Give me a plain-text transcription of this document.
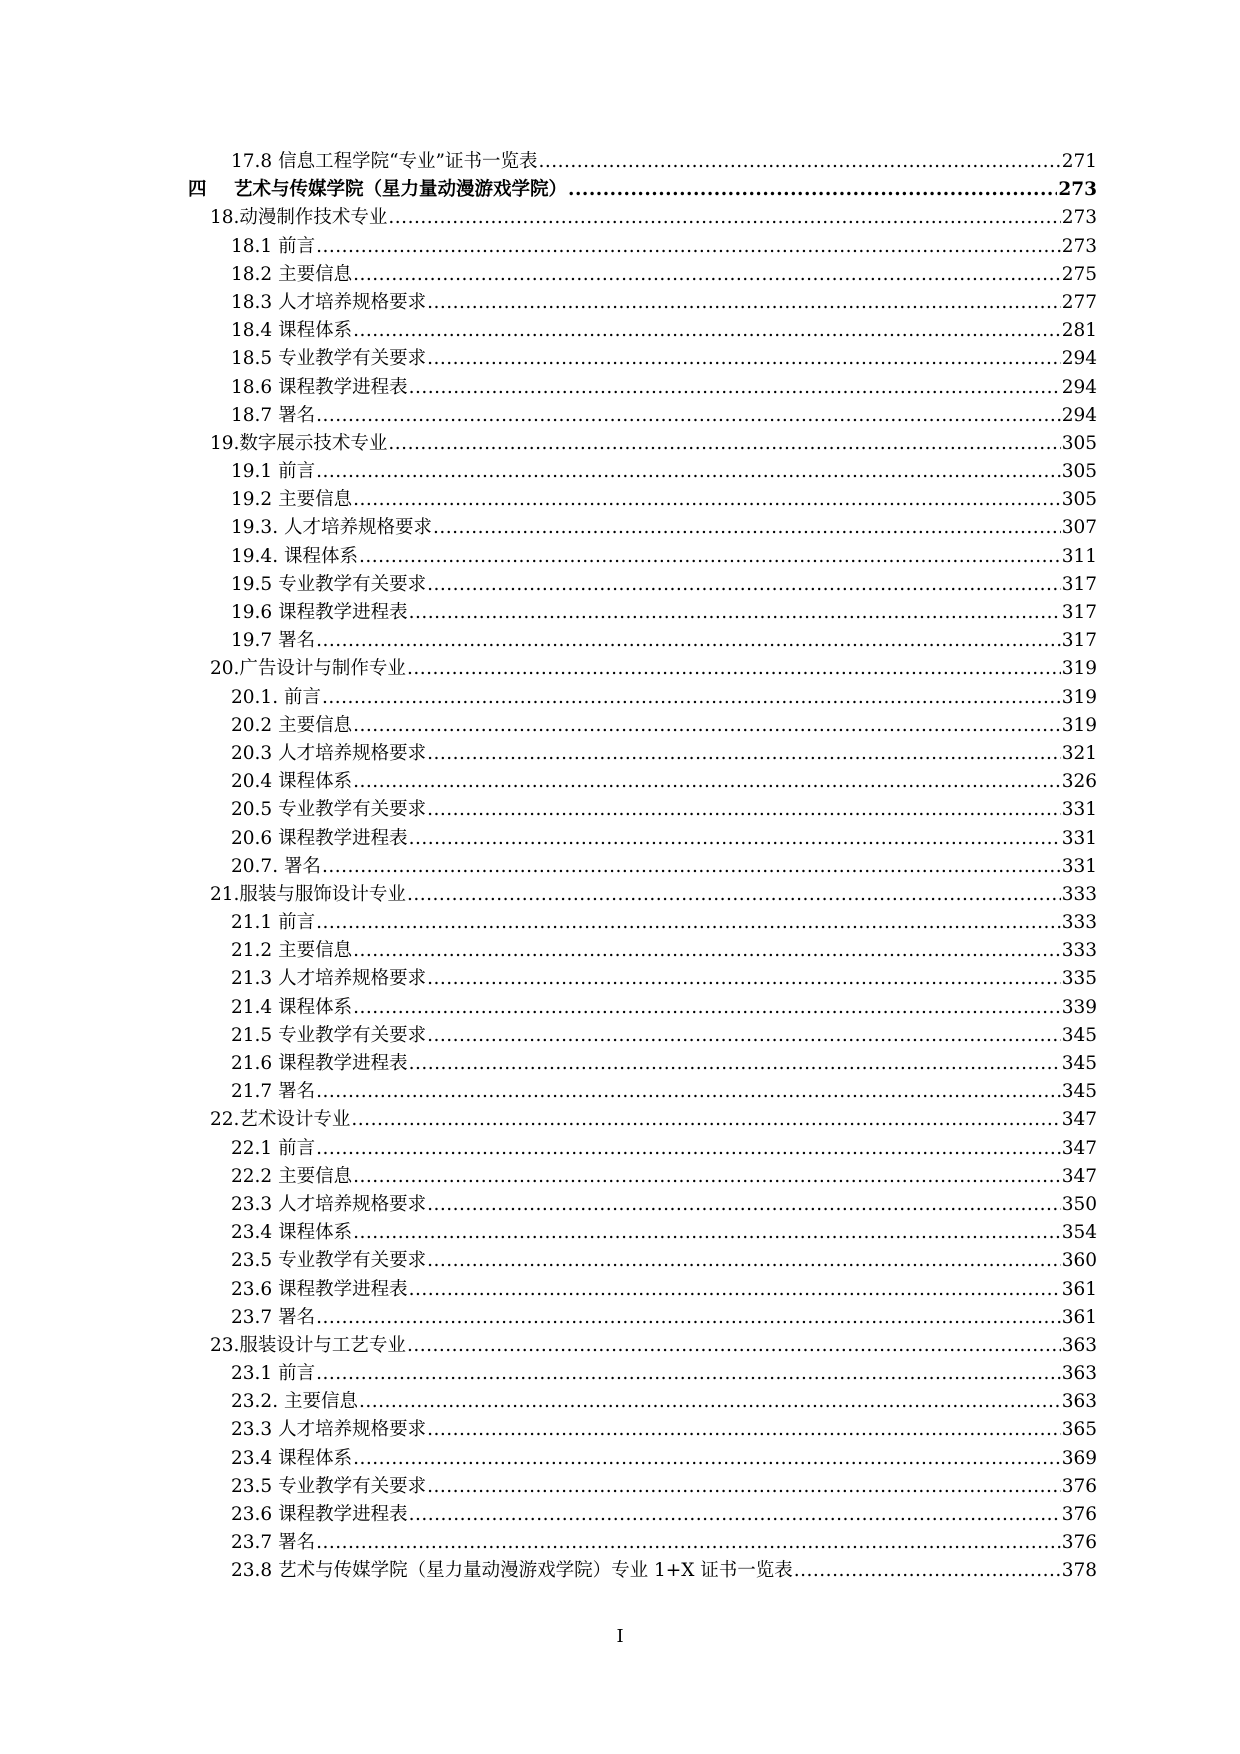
17.8 信息工程学院“专业”证书一览表 .....	271
四 艺术与传媒学院（星力量动漫游戏学院） .....	273
18.动漫制作技术专业 .....	273
18.1 前言 .....	273
18.2 主要信息 .....	275
18.3 人才培养规格要求 .....	277
18.4 课程体系 .....	281
18.5 专业教学有关要求 .....	294
18.6 课程教学进程表 .....	294
18.7 署名 .....	294
19.数字展示技术专业 .....	305
19.1 前言 .....	305
19.2 主要信息 .....	305
19.3. 人才培养规格要求 .....	307
19.4. 课程体系 .....	311
19.5 专业教学有关要求 .....	317
19.6 课程教学进程表 .....	317
19.7 署名 .....	317
20.广告设计与制作专业 .....	319
20.1. 前言 .....	319
20.2 主要信息 .....	319
20.3 人才培养规格要求 .....	321
20.4 课程体系 .....	326
20.5 专业教学有关要求 .....	331
20.6 课程教学进程表 .....	331
20.7. 署名 .....	331
21.服装与服饰设计专业 .....	333
21.1 前言 .....	333
21.2 主要信息 .....	333
21.3 人才培养规格要求 .....	335
21.4 课程体系 .....	339
21.5 专业教学有关要求 .....	345
21.6 课程教学进程表 .....	345
21.7 署名 .....	345
22.艺术设计专业 .....	347
22.1 前言 .....	347
22.2 主要信息 .....	347
23.3 人才培养规格要求 .....	350
23.4 课程体系 .....	354
23.5 专业教学有关要求 .....	360
23.6 课程教学进程表 .....	361
23.7 署名 .....	361
23.服装设计与工艺专业 .....	363
23.1 前言 .....	363
23.2. 主要信息 .....	363
23.3 人才培养规格要求 .....	365
23.4 课程体系 .....	369
23.5 专业教学有关要求 .....	376
23.6 课程教学进程表 .....	376
23.7 署名 .....	376
23.8 艺术与传媒学院（星力量动漫游戏学院）专业 1+X 证书一览表 .....	378
I
